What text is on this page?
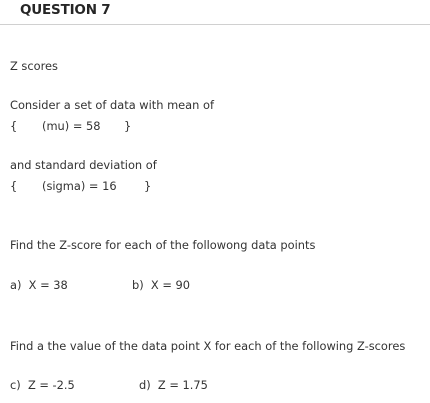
QUESTION 7
Z scores
Consider a set of data with mean of
{ (mu) = 58 }
and standard deviation of
{ (sigma) = 16 }
Find the Z-score for each of the followong data points
a)  X = 38	b)  X = 90
Find a the value of the data point X for each of the following Z-scores
c)  Z = -2.5	d)  Z = 1.75
